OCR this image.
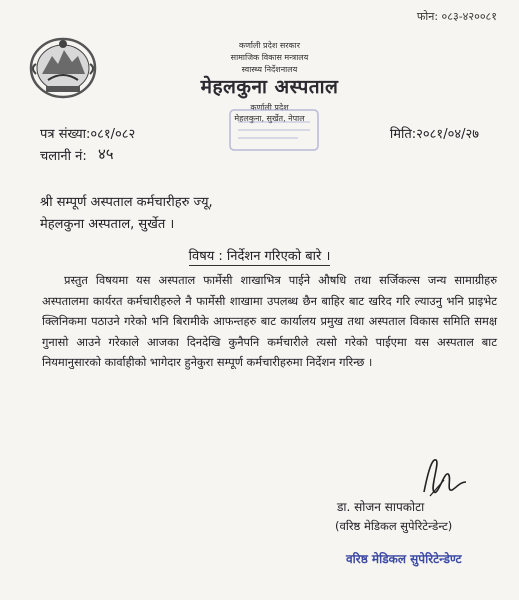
फोन: ०८३-४२००८१
कर्णाली प्रदेश सरकार
सामाजिक विकास मन्त्रालय
स्वास्थ्य निर्देशनालय
मेहलकुना अस्पताल
कर्णाली प्रदेश
मेहलकुना, सुर्खेत, नेपाल
पत्र संख्या:०८१/०८२	मिति:२०८१/०४/२७
चलानी नं: ४५
श्री सम्पूर्ण अस्पताल कर्मचारीहरु ज्यू,
मेहलकुना अस्पताल, सुर्खेत ।
विषय : निर्देशन गरिएको बारे ।
प्रस्तुत विषयमा यस अस्पताल फार्मेसी शाखाभित्र पाईने औषधि तथा सर्जिकल्स जन्य सामाग्रीहरु अस्पतालमा कार्यरत कर्मचारीहरुले नै फार्मेसी शाखामा उपलब्ध छैन बाहिर बाट खरिद गरि ल्याउनु भनि प्राइभेट क्लिनिकमा पठाउने गरेको भनि बिरामीके आफन्तहरु बाट कार्यालय प्रमुख तथा अस्पताल विकास समिति समक्ष गुनासो आउने गरेकाले आजका दिनदेखि कुनैपनि कर्मचारीले त्यसो गरेको पाईएमा यस अस्पताल बाट नियमानुसारको कार्वाहीको भागेदार हुनेकुरा सम्पूर्ण कर्मचारीहरुमा निर्देशन गरिन्छ ।
डा. सोजन सापकोटा
(वरिष्ठ मेडिकल सुपेरिटेन्डेन्ट)
वरिष्ठ मेडिकल सुपेरिटेन्डेण्ट
